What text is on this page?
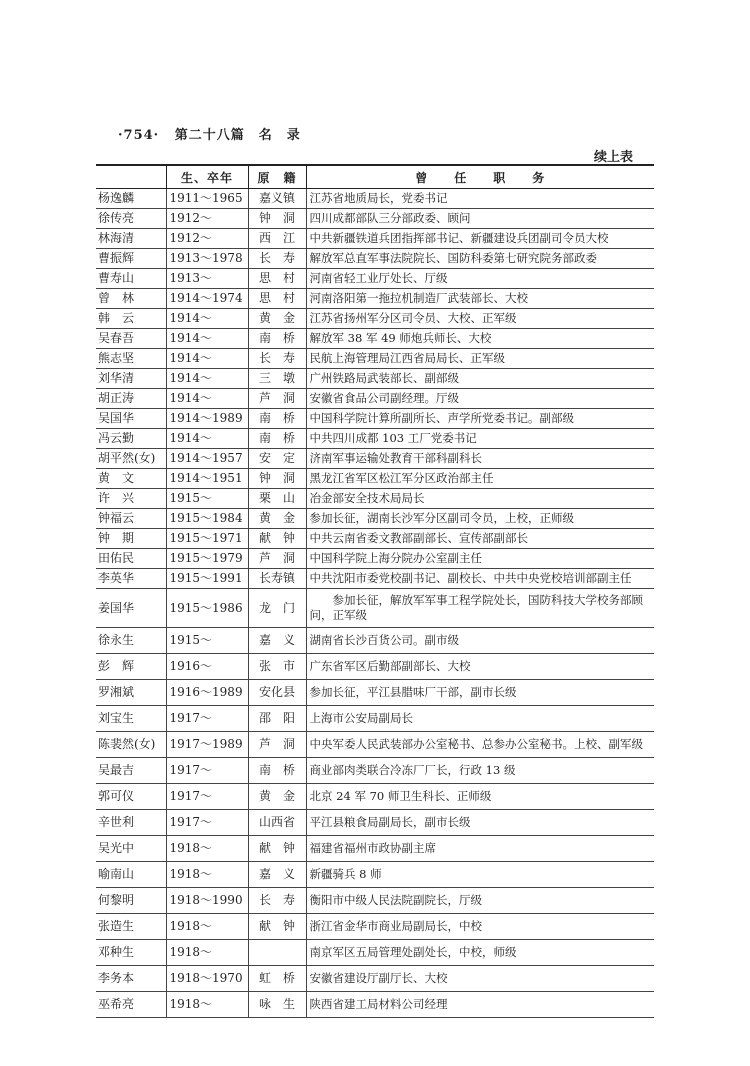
·754· 第二十八篇　名　录
续上表
	生、卒年	原　籍	曾　　任　　职　　务
杨逸麟	1911～1965	嘉义镇	江苏省地质局长，党委书记
徐传亮	1912～	钟　洞	四川成都部队三分部政委、顾问
林海清	1912～	西　江	中共新疆铁道兵团指挥部书记、新疆建设兵团副司令员大校
曹振辉	1913～1978	长　寿	解放军总直军事法院院长、国防科委第七研究院务部政委
曹寿山	1913～	思　村	河南省轻工业厅处长、厅级
曾　林	1914～1974	思　村	河南洛阳第一拖拉机制造厂武装部长、大校
韩　云	1914～	黄　金	江苏省扬州军分区司令员、大校、正军级
吴春吾	1914～	南　桥	解放军 38 军 49 师炮兵师长、大校
熊志坚	1914～	长　寿	民航上海管理局江西省局局长、正军级
刘华清	1914～	三　墩	广州铁路局武装部长、副部级
胡正涛	1914～	芦　洞	安徽省食品公司副经理。厅级
吴国华	1914～1989	南　桥	中国科学院计算所副所长、声学所党委书记。副部级
冯云勤	1914～	南　桥	中共四川成都 103 工厂党委书记
胡平然(女)	1914～1957	安　定	济南军事运输处教育干部科副科长
黄　文	1914～1951	钟　洞	黑龙江省军区松江军分区政治部主任
许　兴	1915～	栗　山	冶金部安全技术局局长
钟福云	1915～1984	黄　金	参加长征，湖南长沙军分区副司令员，上校，正师级
钟　期	1915～1971	献　钟	中共云南省委文教部副部长、宣传部副部长
田佑民	1915～1979	芦　洞	中国科学院上海分院办公室副主任
李英华	1915～1991	长寿镇	中共沈阳市委党校副书记、副校长、中共中央党校培训部副主任
姜国华	1915～1986	龙　门	参加长征，解放军军事工程学院处长，国防科技大学校务部顾问，正军级
徐永生	1915～	嘉　义	湖南省长沙百货公司。副市级
彭　辉	1916～	张　市	广东省军区后勤部副部长、大校
罗湘斌	1916～1989	安化县	参加长征，平江县腊味厂干部，副市长级
刘宝生	1917～	邵　阳	上海市公安局副局长
陈裴然(女)	1917～1989	芦　洞	中央军委人民武装部办公室秘书、总参办公室秘书。上校、副军级
吴最吉	1917～	南　桥	商业部肉类联合冷冻厂厂长，行政 13 级
郭可仪	1917～	黄　金	北京 24 军 70 师卫生科长、正师级
辛世利	1917～	山西省	平江县粮食局副局长，副市长级
吴光中	1918～	献　钟	福建省福州市政协副主席
喻南山	1918～	嘉　义	新疆骑兵 8 师
何黎明	1918～1990	长　寿	衡阳市中级人民法院副院长，厅级
张造生	1918～	献　钟	浙江省金华市商业局副局长，中校
邓种生	1918～		南京军区五局管理处副处长，中校，师级
李务本	1918～1970	虹　桥	安徽省建设厅副厅长、大校
巫希亮	1918～	咏　生	陕西省建工局材料公司经理
